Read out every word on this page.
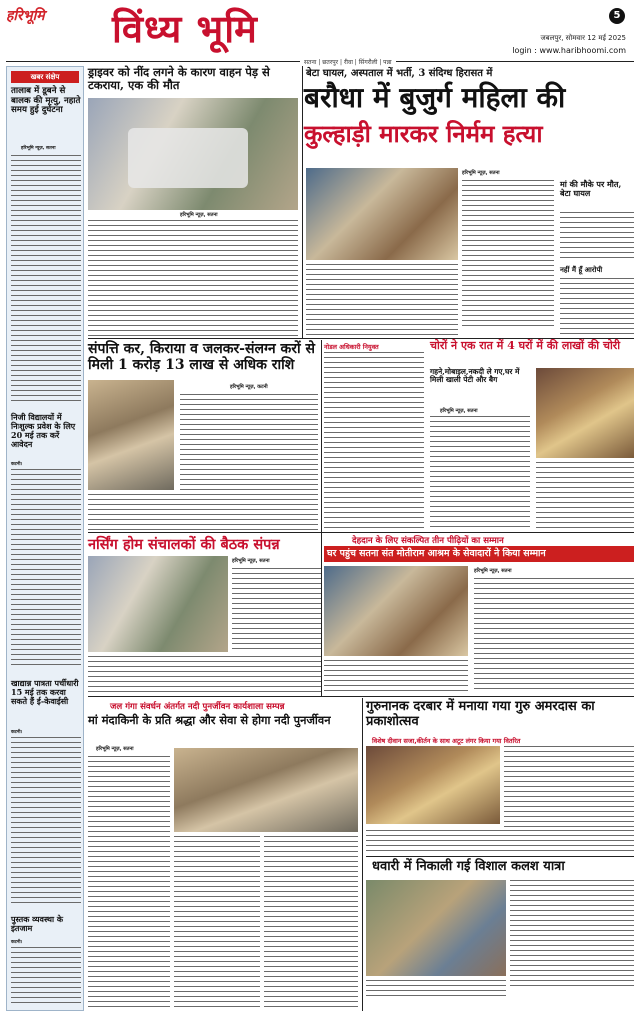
हरिभूमि विंध्य भूमि	5
जबलपुर, सोमवार 12 मई 2025
login : www.haribhoomi.com
सतना | छतरपुर | रीवा | सिंगरौली | पन्ना
खबर संक्षेप
तालाब में डूबने से बालक की मृत्यु, नहाते समय हुई दुर्घटना
हरिभूमि न्यूज़, सतना
निजी विद्यालयों में निःशुल्क प्रवेश के लिए 20 मई तक करें आवेदन
कटनी।
खाद्यान्न पात्रता पर्चीधारी 15 मई तक करवा सकते हैं ई-केवाईसी
कटनी।
पुस्तक व्यवस्था के इंतजाम
कटनी।
ड्राइवर को नींद लगने के कारण वाहन पेड़ से टकराया, एक की मौत
हरिभूमि न्यूज़, सतना
बेटा घायल, अस्पताल में भर्ती, 3 संदिग्ध हिरासत में
बरौधा में बुजुर्ग महिला की
कुल्हाड़ी मारकर निर्मम हत्या
हरिभूमि न्यूज़, सतना
मां की मौके पर मौत, बेटा घायल
नहीं मैं हूँ आरोपी
संपत्ति कर, किराया व जलकर-संलग्न करों से मिली 1 करोड़ 13 लाख से अधिक राशि
हरिभूमि न्यूज़, कटनी
नोडल अधिकारी नियुक्त	चोरों ने एक रात में 4 घरों में की लाखों की चोरी
गहने,मोबाइल,नकदी ले गए,घर में मिली खाली पेटी और बैग
हरिभूमि न्यूज़, सतना
नर्सिंग होम संचालकों की बैठक संपन्न
हरिभूमि न्यूज़, सतना
देहदान के लिए संकल्पित तीन पीढ़ियों का सम्मान
घर पहुंच सतना संत मोतीराम आश्रम के सेवादारों ने किया सम्मान
हरिभूमि न्यूज़, सतना
जल गंगा संवर्धन अंतर्गत नदी पुनर्जीवन कार्यशाला सम्पन्न
मां मंदाकिनी के प्रति श्रद्धा और सेवा से होगा नदी पुनर्जीवन
हरिभूमि न्यूज़, सतना
गुरुनानक दरबार में मनाया गया गुरु अमरदास का प्रकाशोत्सव
विशेष दीवान सजा,कीर्तन के साथ अटूट लंगर किया गया वितरित
धवारी में निकाली गई विशाल कलश यात्रा
